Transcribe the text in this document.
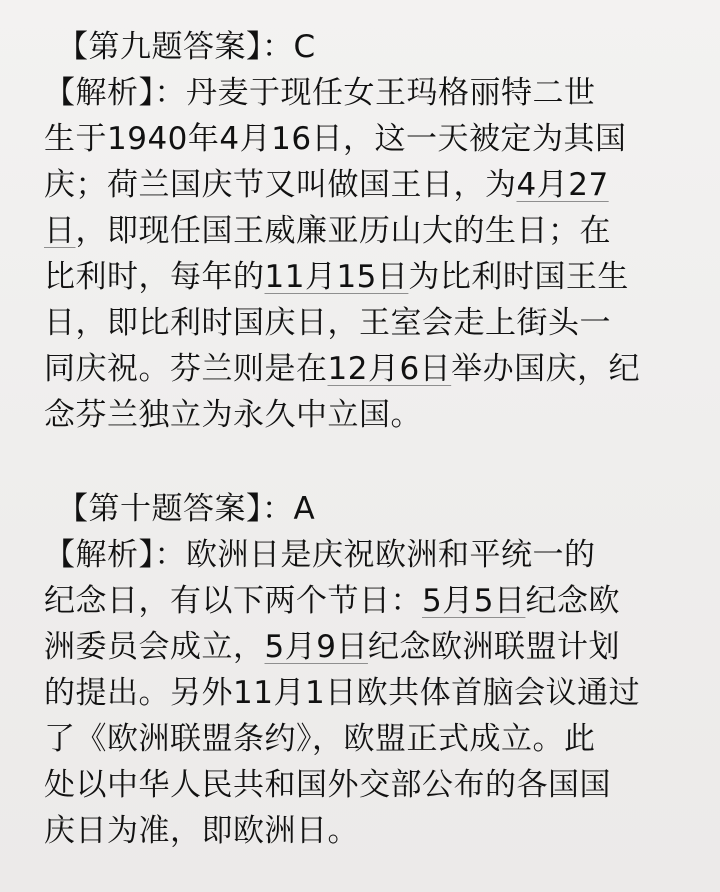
【第九题答案】：C
【解析】：丹麦于现任女王玛格丽特二世
生于1940年4月16日，这一天被定为其国
庆；荷兰国庆节又叫做国王日，为4月27
日，即现任国王威廉亚历山大的生日；在
比利时，每年的11月15日为比利时国王生
日，即比利时国庆日，王室会走上街头一
同庆祝。芬兰则是在12月6日举办国庆，纪
念芬兰独立为永久中立国。
【第十题答案】：A
【解析】：欧洲日是庆祝欧洲和平统一的
纪念日，有以下两个节日：5月5日纪念欧
洲委员会成立，5月9日纪念欧洲联盟计划
的提出。另外11月1日欧共体首脑会议通过
了《欧洲联盟条约》，欧盟正式成立。此
处以中华人民共和国外交部公布的各国国
庆日为准，即欧洲日。
